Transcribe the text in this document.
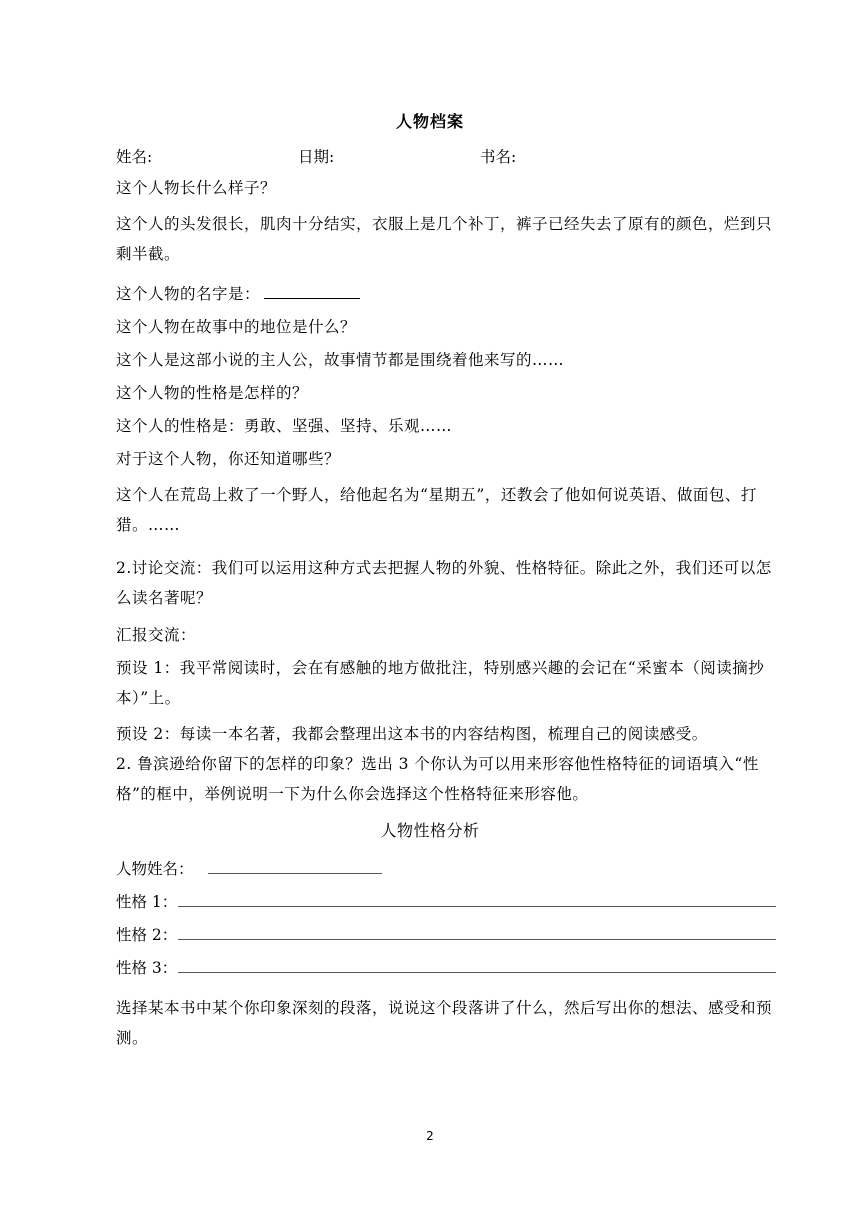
人物档案
姓名:	日期:	书名:
这个人物长什么样子？
这个人的头发很长，肌肉十分结实，衣服上是几个补丁，裤子已经失去了原有的颜色，烂到只剩半截。
这个人物的名字是：
这个人物在故事中的地位是什么？
这个人是这部小说的主人公，故事情节都是围绕着他来写的……
这个人物的性格是怎样的？
这个人的性格是：勇敢、坚强、坚持、乐观……
对于这个人物，你还知道哪些？
这个人在荒岛上救了一个野人，给他起名为“星期五”，还教会了他如何说英语、做面包、打猎。……
2.讨论交流：我们可以运用这种方式去把握人物的外貌、性格特征。除此之外，我们还可以怎么读名著呢？
汇报交流：
预设 1：我平常阅读时，会在有感触的地方做批注，特别感兴趣的会记在“采蜜本（阅读摘抄本）”上。
预设 2：每读一本名著，我都会整理出这本书的内容结构图，梳理自己的阅读感受。
2. 鲁滨逊给你留下的怎样的印象？选出 3 个你认为可以用来形容他性格特征的词语填入“性格”的框中，举例说明一下为什么你会选择这个性格特征来形容他。
人物性格分析
人物姓名：
性格 1：
性格 2：
性格 3：
选择某本书中某个你印象深刻的段落，说说这个段落讲了什么，然后写出你的想法、感受和预测。
2
